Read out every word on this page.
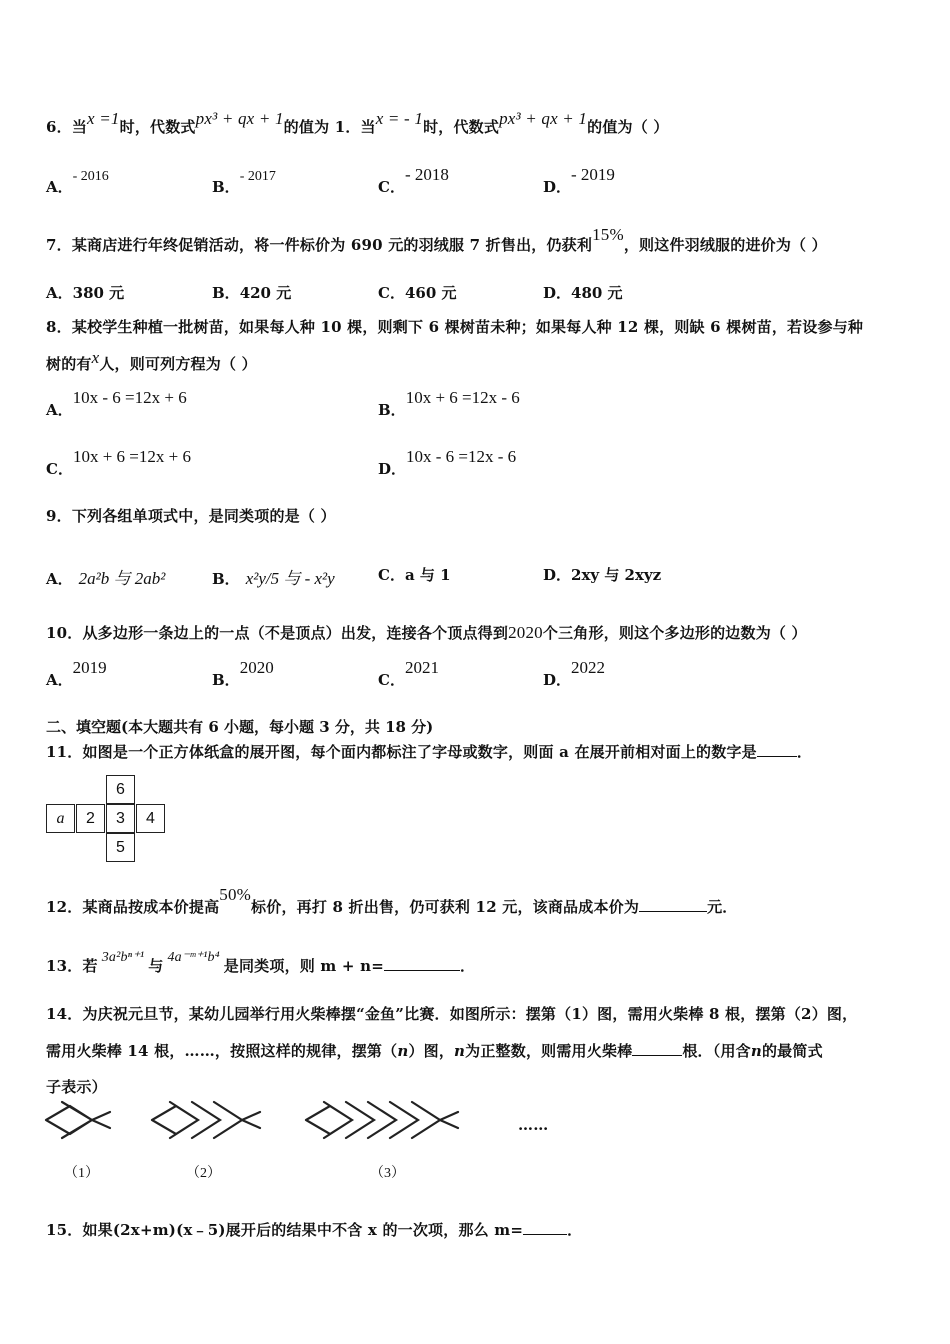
6．当x =1时，代数式px³ + qx + 1的值为 1．当x = - 1时，代数式px³ + qx + 1的值为（ ）
A．- 2016
B．- 2017
C．- 2018
D．- 2019
7．某商店进行年终促销活动，将一件标价为 690 元的羽绒服 7 折售出，仍获利15%，则这件羽绒服的进价为（ ）
A．380 元	B．420 元	C．460 元	D．480 元
8．某校学生种植一批树苗，如果每人种 10 棵，则剩下 6 棵树苗未种；如果每人种 12 棵，则缺 6 棵树苗，若设参与种
树的有x人，则可列方程为（ ）
A．10x - 6 =12x + 6
B．10x + 6 =12x - 6
C．10x + 6 =12x + 6
D．10x - 6 =12x - 6
9．下列各组单项式中，是同类项的是（ ）
A． 2a²b 与 2ab²	B． x²y/5 与 - x²y	C．a 与 1	D．2xy 与 2xyz
10．从多边形一条边上的一点（不是顶点）出发，连接各个顶点得到2020个三角形，则这个多边形的边数为（ ）
A．2019
B．2020
C．2021
D．2022
二、填空题(本大题共有 6 小题，每小题 3 分，共 18 分)
11．如图是一个正方体纸盒的展开图，每个面内都标注了字母或数字，则面 a 在展开前相对面上的数字是	．
6
a	2	3	4
5
12．某商品按成本价提高50%标价，再打 8 折出售，仍可获利 12 元，该商品成本价为	元．
13．若 3a²bⁿ⁺¹ 与 4a⁻ᵐ⁺¹b⁴ 是同类项，则 m + n=	．
14．为庆祝元旦节，某幼儿园举行用火柴棒摆“金鱼”比赛．如图所示：摆第（1）图，需用火柴棒 8 根，摆第（2）图，
需用火柴棒 14 根，……，按照这样的规律，摆第（n）图，n为正整数，则需用火柴棒	根．（用含n的最简式
子表示）
（1）	（2）	（3）
……
15．如果(2x+m)(x﹣5)展开后的结果中不含 x 的一次项，那么 m=	．
